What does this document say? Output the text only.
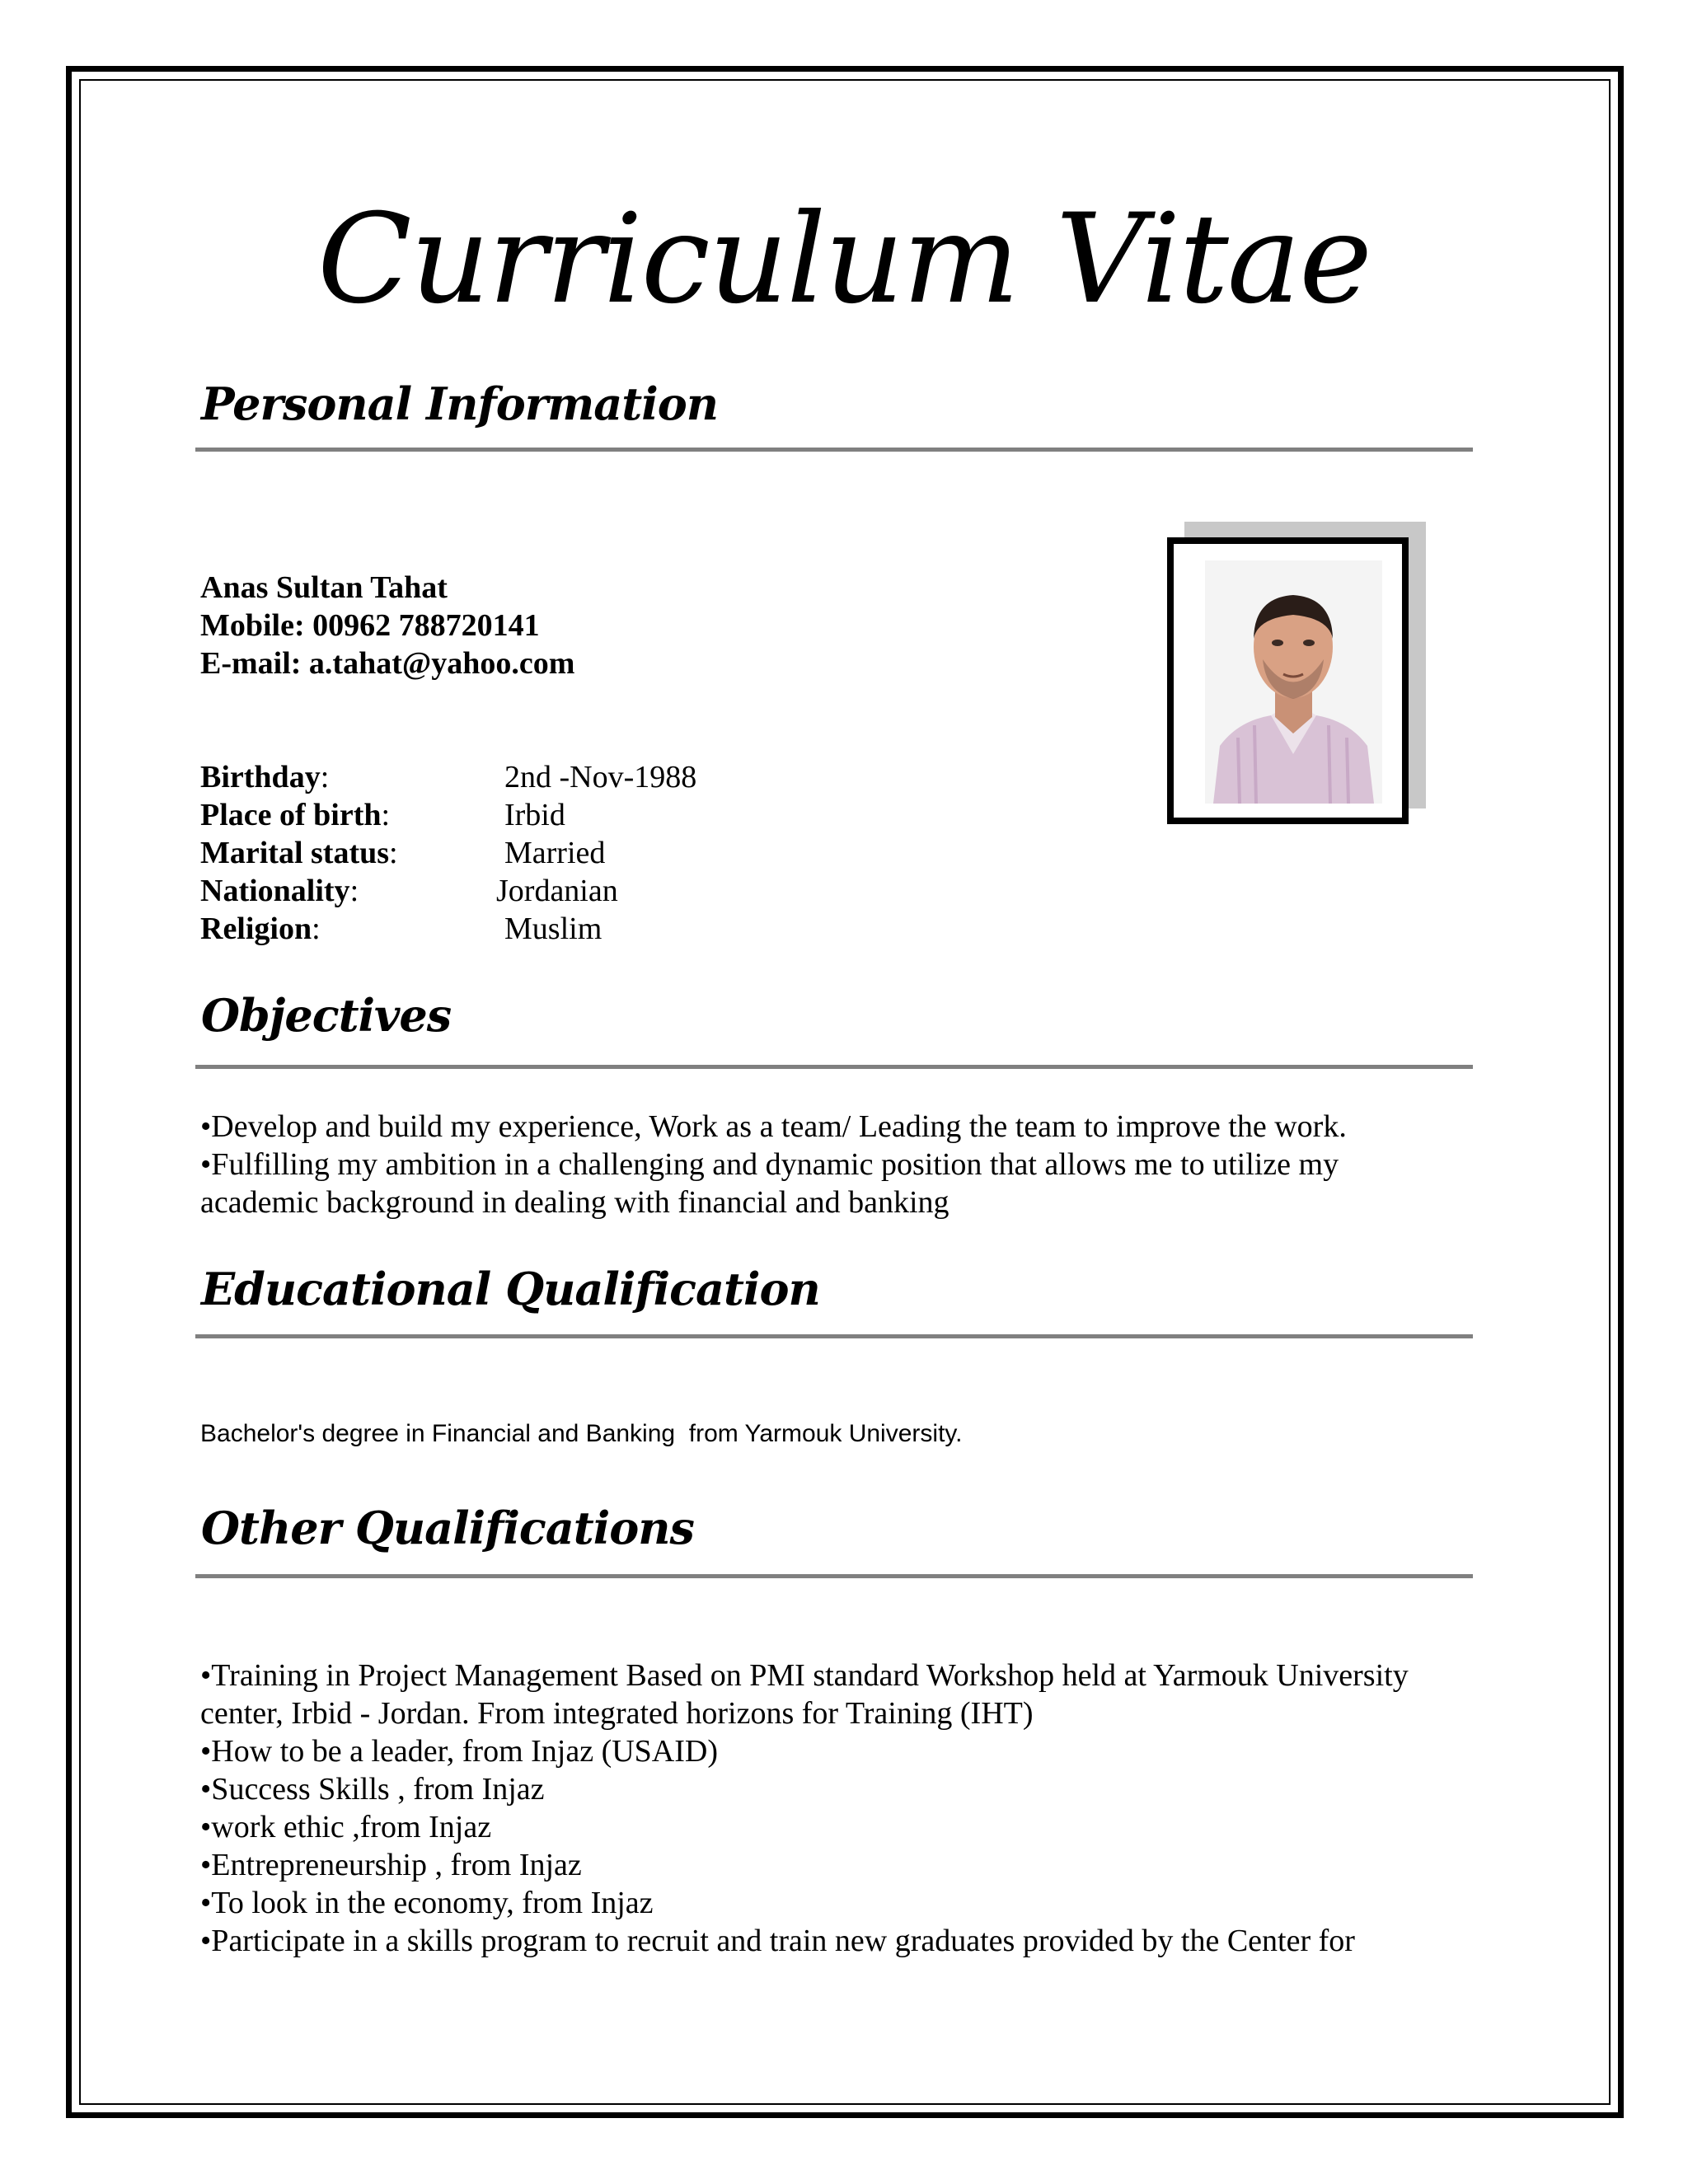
Curriculum Vitae
Personal Information
Anas Sultan Tahat
Mobile: 00962 788720141
E-mail: a.tahat@yahoo.com
Birthday:	2nd -Nov-1988
Place of birth:	Irbid
Marital status:	Married
Nationality:	Jordanian
Religion:	Muslim
Objectives
•Develop and build my experience, Work as a team/ Leading the team to improve the work.
•Fulfilling my ambition in a challenging and dynamic position that allows me to utilize my
academic background in dealing with financial and banking
Educational Qualification
Bachelor's degree in Financial and Banking  from Yarmouk University.
Other Qualifications
•Training in Project Management Based on PMI standard Workshop held at Yarmouk University
center, Irbid - Jordan. From integrated horizons for Training (IHT)
•How to be a leader, from Injaz (USAID)
•Success Skills , from Injaz
•work ethic ,from Injaz
•Entrepreneurship , from Injaz
•To look in the economy, from Injaz
•Participate in a skills program to recruit and train new graduates provided by the Center for
